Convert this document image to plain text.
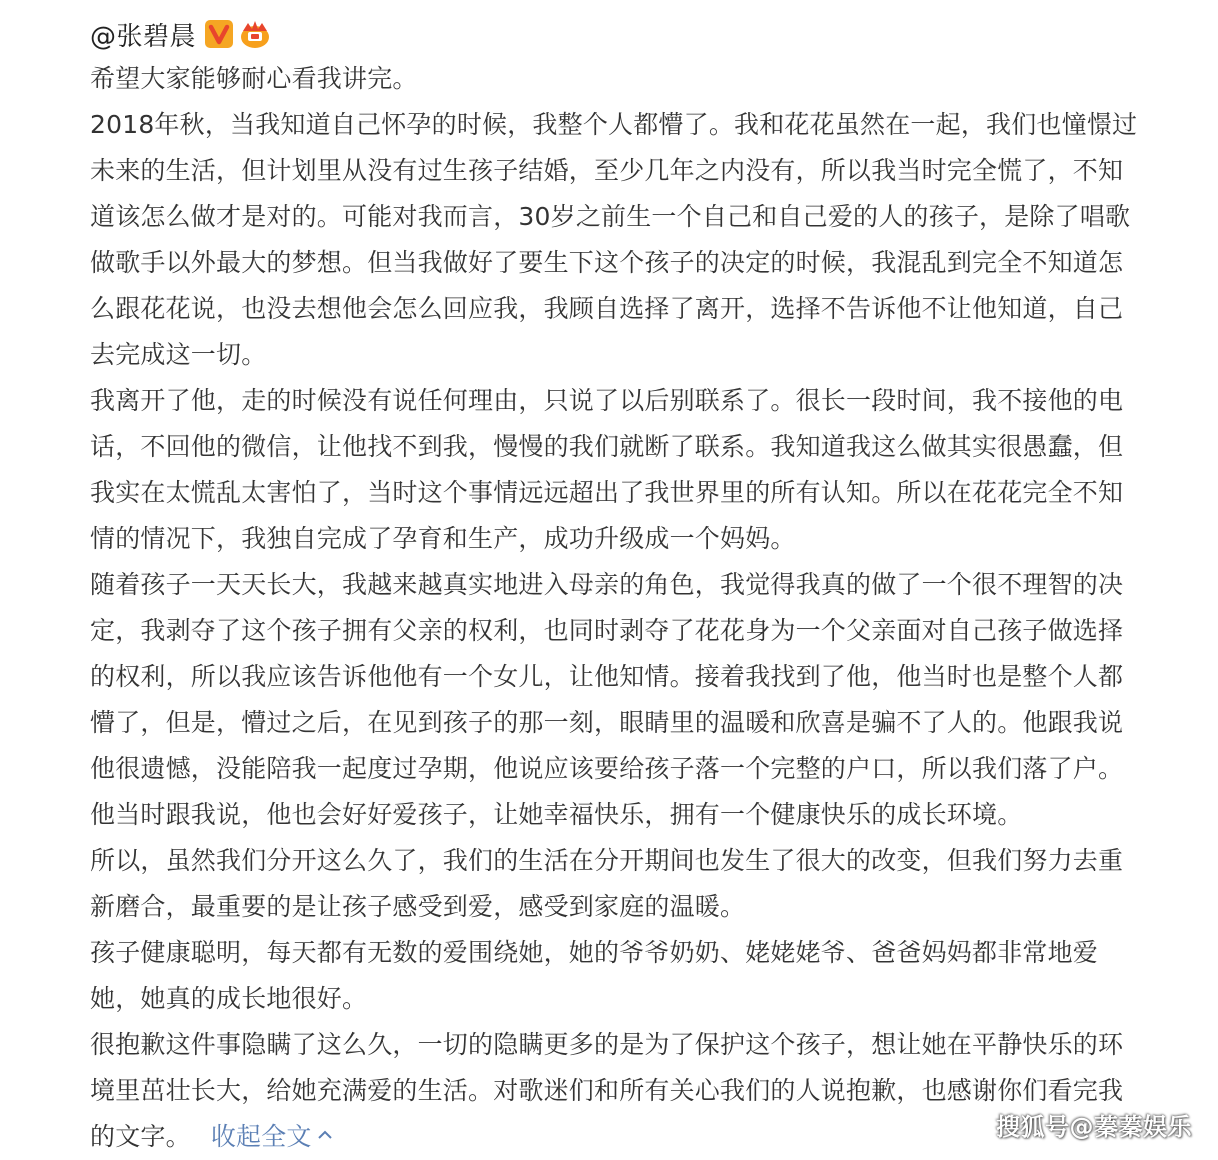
@张碧晨
希望大家能够耐心看我讲完。
2018年秋，当我知道自己怀孕的时候，我整个人都懵了。我和花花虽然在一起，我们也憧憬过
未来的生活，但计划里从没有过生孩子结婚，至少几年之内没有，所以我当时完全慌了，不知
道该怎么做才是对的。可能对我而言，30岁之前生一个自己和自己爱的人的孩子，是除了唱歌
做歌手以外最大的梦想。但当我做好了要生下这个孩子的决定的时候，我混乱到完全不知道怎
么跟花花说，也没去想他会怎么回应我，我顾自选择了离开，选择不告诉他不让他知道，自己
去完成这一切。
我离开了他，走的时候没有说任何理由，只说了以后别联系了。很长一段时间，我不接他的电
话，不回他的微信，让他找不到我，慢慢的我们就断了联系。我知道我这么做其实很愚蠢，但
我实在太慌乱太害怕了，当时这个事情远远超出了我世界里的所有认知。所以在花花完全不知
情的情况下，我独自完成了孕育和生产，成功升级成一个妈妈。
随着孩子一天天长大，我越来越真实地进入母亲的角色，我觉得我真的做了一个很不理智的决
定，我剥夺了这个孩子拥有父亲的权利，也同时剥夺了花花身为一个父亲面对自己孩子做选择
的权利，所以我应该告诉他他有一个女儿，让他知情。接着我找到了他，他当时也是整个人都
懵了，但是，懵过之后，在见到孩子的那一刻，眼睛里的温暖和欣喜是骗不了人的。他跟我说
他很遗憾，没能陪我一起度过孕期，他说应该要给孩子落一个完整的户口，所以我们落了户。
他当时跟我说，他也会好好爱孩子，让她幸福快乐，拥有一个健康快乐的成长环境。
所以，虽然我们分开这么久了，我们的生活在分开期间也发生了很大的改变，但我们努力去重
新磨合，最重要的是让孩子感受到爱，感受到家庭的温暖。
孩子健康聪明，每天都有无数的爱围绕她，她的爷爷奶奶、姥姥姥爷、爸爸妈妈都非常地爱
她，她真的成长地很好。
很抱歉这件事隐瞒了这么久，一切的隐瞒更多的是为了保护这个孩子，想让她在平静快乐的环
境里茁壮长大，给她充满爱的生活。对歌迷们和所有关心我们的人说抱歉，也感谢你们看完我
的文字。 收起全文	搜狐号@蓁蓁娱乐
